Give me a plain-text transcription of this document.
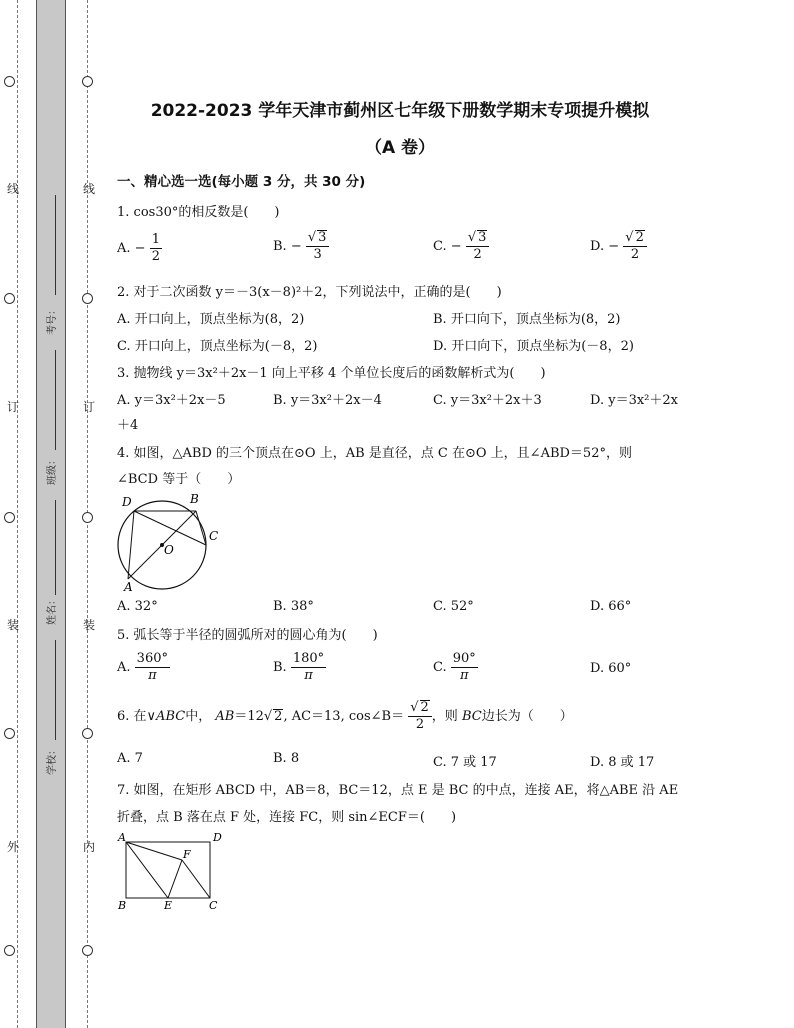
线
订
装
外
线
订
装
内
考号：
班级：
姓名：
学校：
2022-2023 学年天津市蓟州区七年级下册数学期末专项提升模拟
（A 卷）
一、精心选一选(每小题 3 分，共 30 分)
1. cos30°的相反数是(　　)
A. − $\frac{1}{2}$	B. − $\frac{√ 3}{3}$	C. − $\frac{√ 3}{2}$	D. − $\frac{√ 2}{2}$
2. 对于二次函数 y＝－3(x－8)²＋2，下列说法中，正确的是(　　)
A. 开口向上，顶点坐标为(8，2)	B. 开口向下，顶点坐标为(8，2)
C. 开口向上，顶点坐标为(－8，2)	D. 开口向下，顶点坐标为(－8，2)
3. 抛物线 y＝3x²＋2x－1 向上平移 4 个单位长度后的函数解析式为(　　)
A. y＝3x²＋2x－5	B. y＝3x²＋2x－4	C. y＝3x²＋2x＋3	D. y＝3x²＋2x
＋4
4. 如图，△ABD 的三个顶点在⊙O 上，AB 是直径，点 C 在⊙O 上，且∠ABD＝52°，则
∠BCD 等于（　　）
D	B
C
O
A
A. 32°	B. 38°	C. 52°	D. 66°
5. 弧长等于半径的圆弧所对的圆心角为(　　)
A. $\frac{360^\circ}{\pi}$	B. $\frac{180^\circ}{\pi}$	C. $\frac{90^\circ}{\pi}$	D. 60°
6. 在∨ABC中， AB＝12√ 2, AC＝13, cos∠B＝ $\frac{√ 2}{2}$ ，则 BC边长为（　　）
A. 7	B. 8	C. 7 或 17	D. 8 或 17
7. 如图，在矩形 ABCD 中，AB＝8，BC＝12，点 E 是 BC 的中点，连接 AE，将△ABE 沿 AE
折叠，点 B 落在点 F 处，连接 FC，则 sin∠ECF＝(　　)
A	D
F
B	E	C
